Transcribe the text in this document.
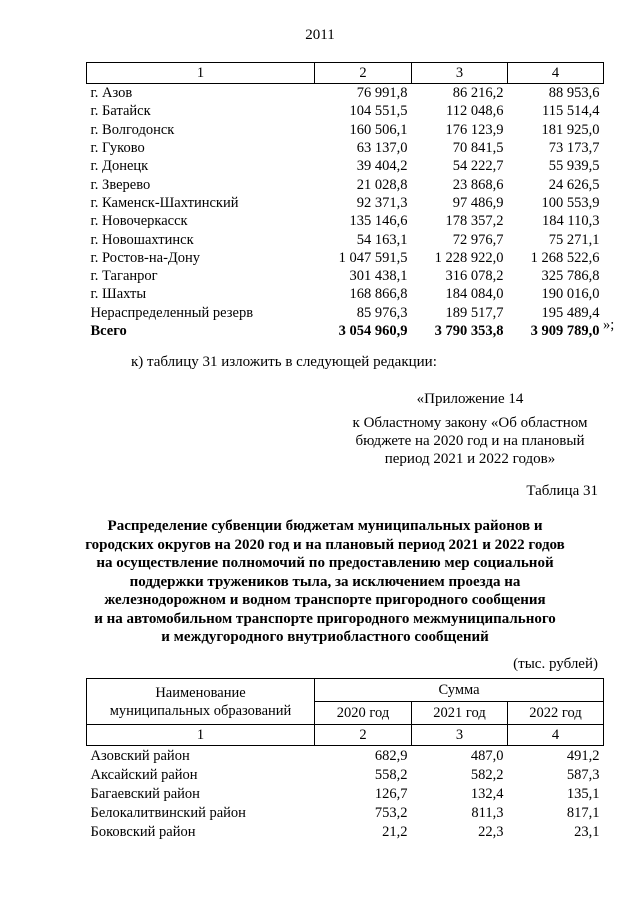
2011
1	2	3	4
г. Азов	76 991,8	86 216,2	88 953,6
г. Батайск	104 551,5	112 048,6	115 514,4
г. Волгодонск	160 506,1	176 123,9	181 925,0
г. Гуково	63 137,0	70 841,5	73 173,7
г. Донецк	39 404,2	54 222,7	55 939,5
г. Зверево	21 028,8	23 868,6	24 626,5
г. Каменск-Шахтинский	92 371,3	97 486,9	100 553,9
г. Новочеркасск	135 146,6	178 357,2	184 110,3
г. Новошахтинск	54 163,1	72 976,7	75 271,1
г. Ростов-на-Дону	1 047 591,5	1 228 922,0	1 268 522,6
г. Таганрог	301 438,1	316 078,2	325 786,8
г. Шахты	168 866,8	184 084,0	190 016,0
Нераспределенный резерв	85 976,3	189 517,7	195 489,4
Всего	3 054 960,9	3 790 353,8	3 909 789,0 »;
к) таблицу 31 изложить в следующей редакции:
«Приложение 14
к Областному закону «Об областном
бюджете на 2020 год и на плановый
период 2021 и 2022 годов»
Таблица 31
Распределение субвенции бюджетам муниципальных районов и
городских округов на 2020 год и на плановый период 2021 и 2022 годов
на осуществление полномочий по предоставлению мер социальной
поддержки тружеников тыла, за исключением проезда на
железнодорожном и водном транспорте пригородного сообщения
и на автомобильном транспорте пригородного межмуниципального
и междугородного внутриобластного сообщений
(тыс. рублей)
Наименование
муниципальных образований	Сумма		
	2020 год	2021 год	2022 год
1	2	3	4
Азовский район	682,9	487,0	491,2
Аксайский район	558,2	582,2	587,3
Багаевский район	126,7	132,4	135,1
Белокалитвинский район	753,2	811,3	817,1
Боковский район	21,2	22,3	23,1
